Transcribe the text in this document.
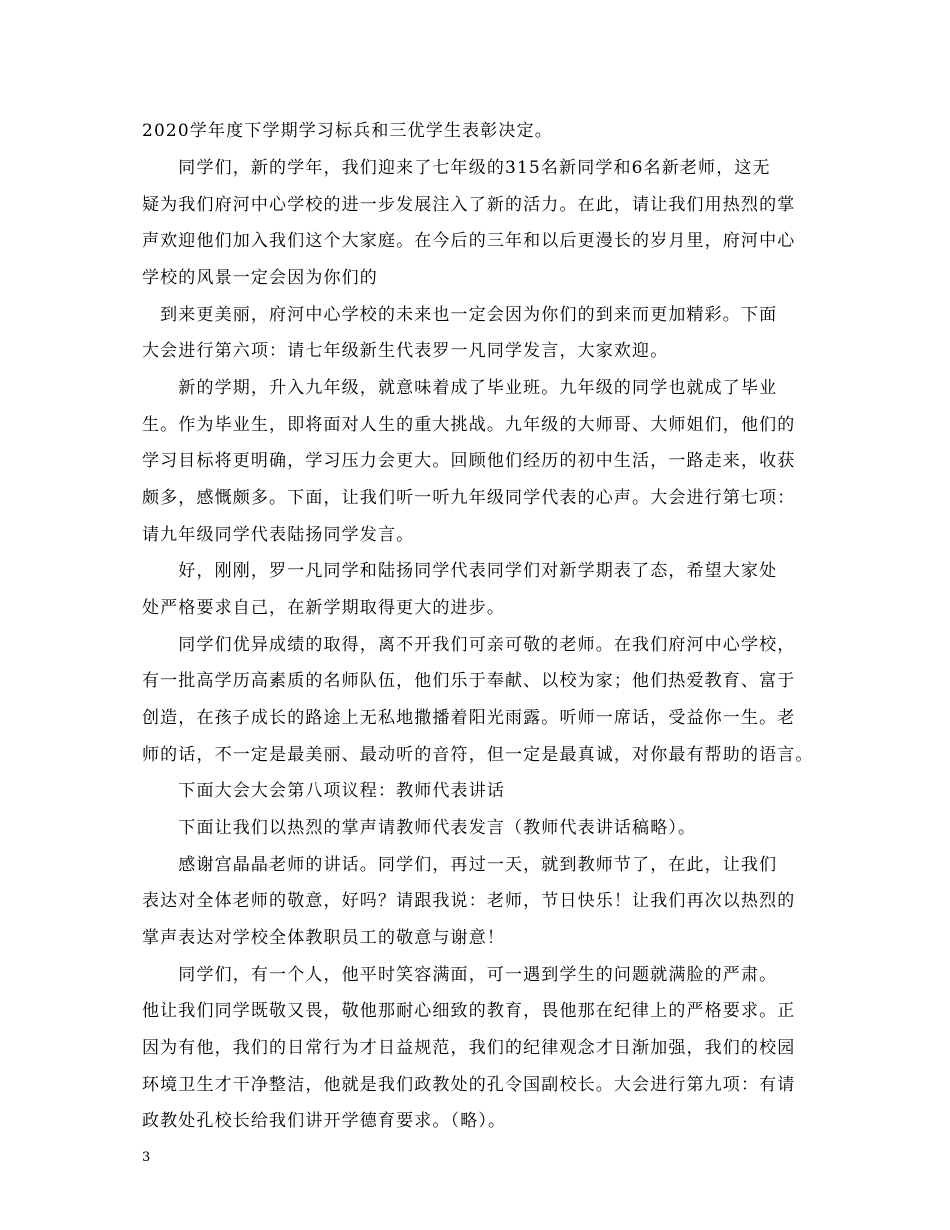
2020学年度下学期学习标兵和三优学生表彰决定。
　　同学们，新的学年，我们迎来了七年级的315名新同学和6名新老师，这无
疑为我们府河中心学校的进一步发展注入了新的活力。在此，请让我们用热烈的掌
声欢迎他们加入我们这个大家庭。在今后的三年和以后更漫长的岁月里，府河中心
学校的风景一定会因为你们的
　到来更美丽，府河中心学校的未来也一定会因为你们的到来而更加精彩。下面
大会进行第六项：请七年级新生代表罗一凡同学发言，大家欢迎。
　　新的学期，升入九年级，就意味着成了毕业班。九年级的同学也就成了毕业
生。作为毕业生，即将面对人生的重大挑战。九年级的大师哥、大师姐们，他们的
学习目标将更明确，学习压力会更大。回顾他们经历的初中生活，一路走来，收获
颇多，感慨颇多。下面，让我们听一听九年级同学代表的心声。大会进行第七项：
请九年级同学代表陆扬同学发言。
　　好，刚刚，罗一凡同学和陆扬同学代表同学们对新学期表了态，希望大家处
处严格要求自己，在新学期取得更大的进步。
　　同学们优异成绩的取得，离不开我们可亲可敬的老师。在我们府河中心学校，
有一批高学历高素质的名师队伍，他们乐于奉献、以校为家；他们热爱教育、富于
创造，在孩子成长的路途上无私地撒播着阳光雨露。听师一席话，受益你一生。老
师的话，不一定是最美丽、最动听的音符，但一定是最真诚，对你最有帮助的语言。
　　下面大会大会第八项议程：教师代表讲话
　　下面让我们以热烈的掌声请教师代表发言（教师代表讲话稿略）。
　　感谢宫晶晶老师的讲话。同学们，再过一天，就到教师节了，在此，让我们
表达对全体老师的敬意，好吗？请跟我说：老师，节日快乐！让我们再次以热烈的
掌声表达对学校全体教职员工的敬意与谢意！
　　同学们，有一个人，他平时笑容满面，可一遇到学生的问题就满脸的严肃。
他让我们同学既敬又畏，敬他那耐心细致的教育，畏他那在纪律上的严格要求。正
因为有他，我们的日常行为才日益规范，我们的纪律观念才日渐加强，我们的校园
环境卫生才干净整洁，他就是我们政教处的孔令国副校长。大会进行第九项：有请
政教处孔校长给我们讲开学德育要求。（略）。
3
